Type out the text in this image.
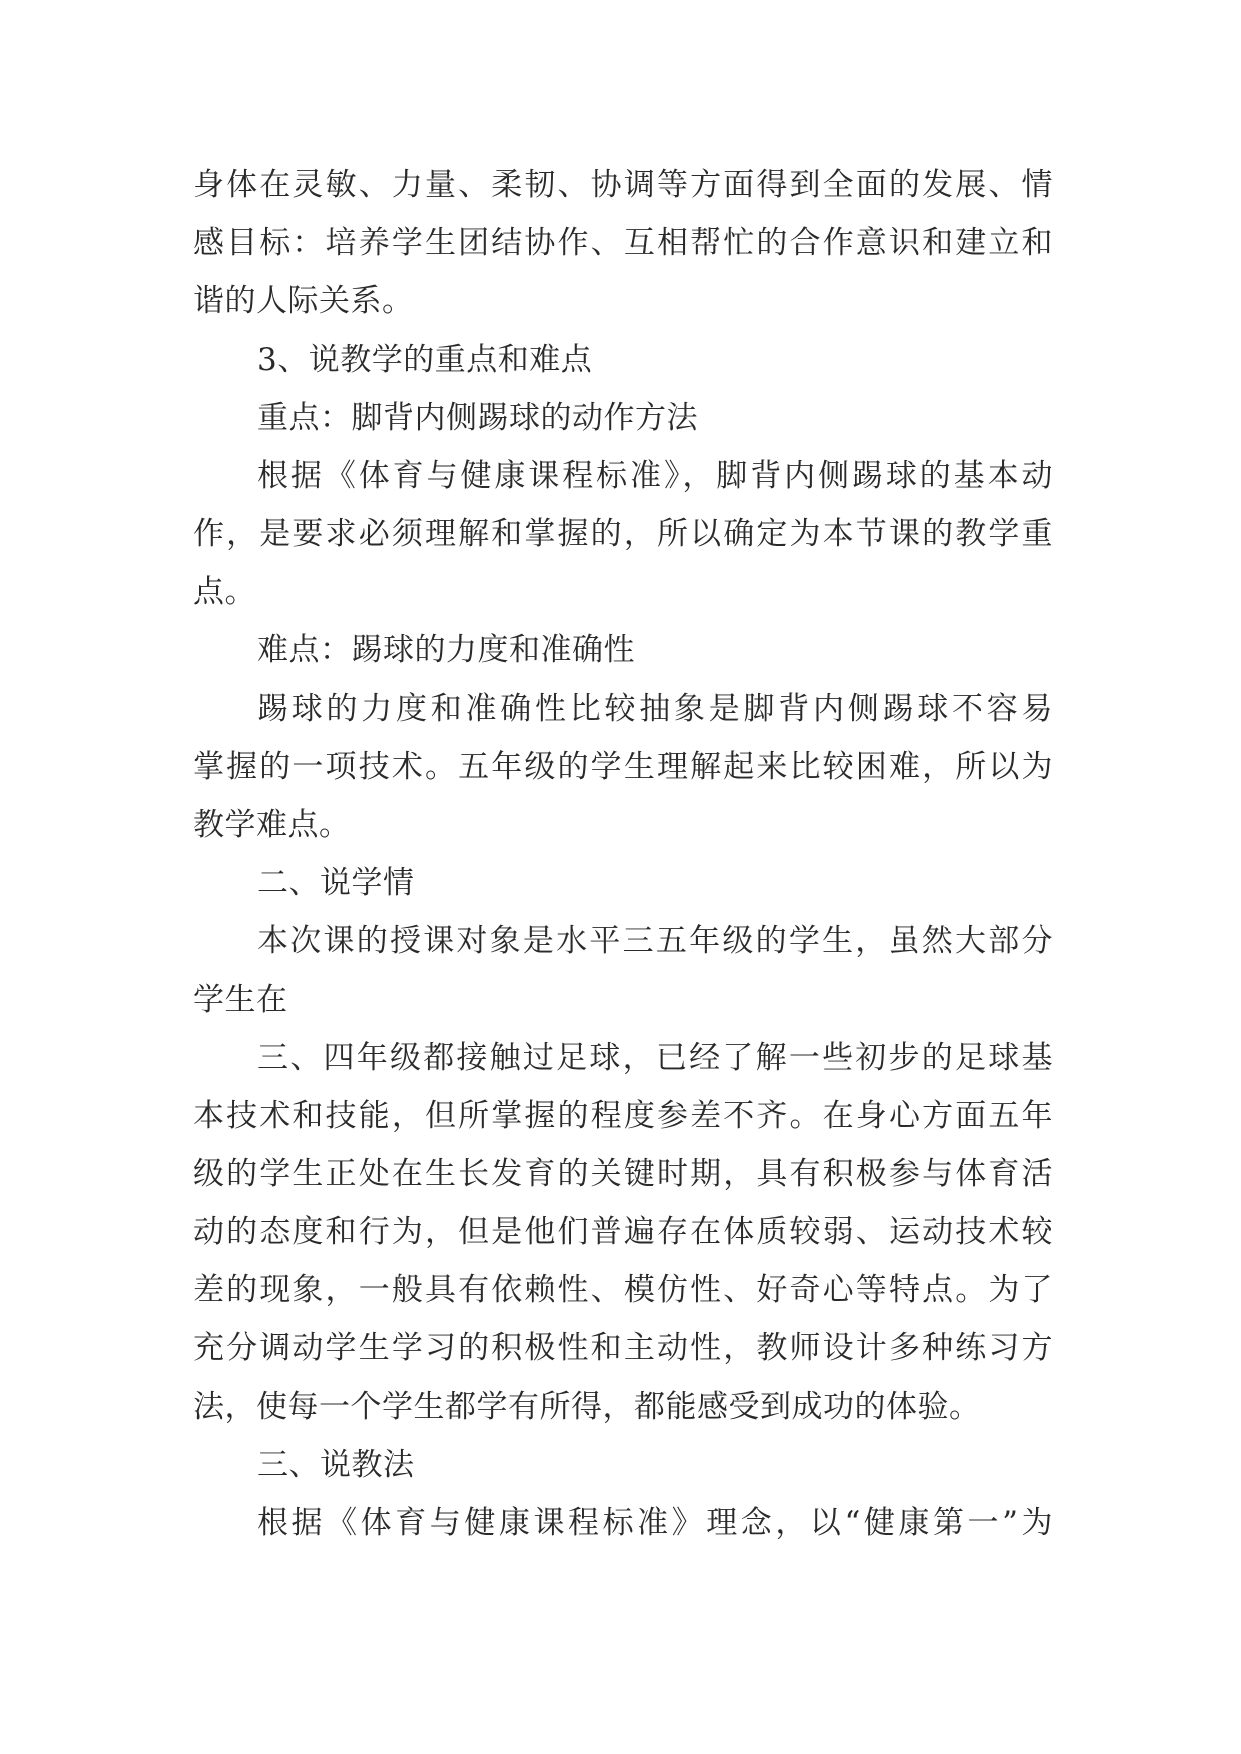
身体在灵敏、力量、柔韧、协调等方面得到全面的发展、情
感目标：培养学生团结协作、互相帮忙的合作意识和建立和
谐的人际关系。
3、说教学的重点和难点
重点：脚背内侧踢球的动作方法
根据《体育与健康课程标准》，脚背内侧踢球的基本动
作，是要求必须理解和掌握的，所以确定为本节课的教学重
点。
难点：踢球的力度和准确性
踢球的力度和准确性比较抽象是脚背内侧踢球不容易
掌握的一项技术。五年级的学生理解起来比较困难，所以为
教学难点。
二、说学情
本次课的授课对象是水平三五年级的学生，虽然大部分
学生在
三、四年级都接触过足球，已经了解一些初步的足球基
本技术和技能，但所掌握的程度参差不齐。在身心方面五年
级的学生正处在生长发育的关键时期，具有积极参与体育活
动的态度和行为，但是他们普遍存在体质较弱、运动技术较
差的现象，一般具有依赖性、模仿性、好奇心等特点。为了
充分调动学生学习的积极性和主动性，教师设计多种练习方
法，使每一个学生都学有所得，都能感受到成功的体验。
三、说教法
根据《体育与健康课程标准》理念，以“健康第一”为
